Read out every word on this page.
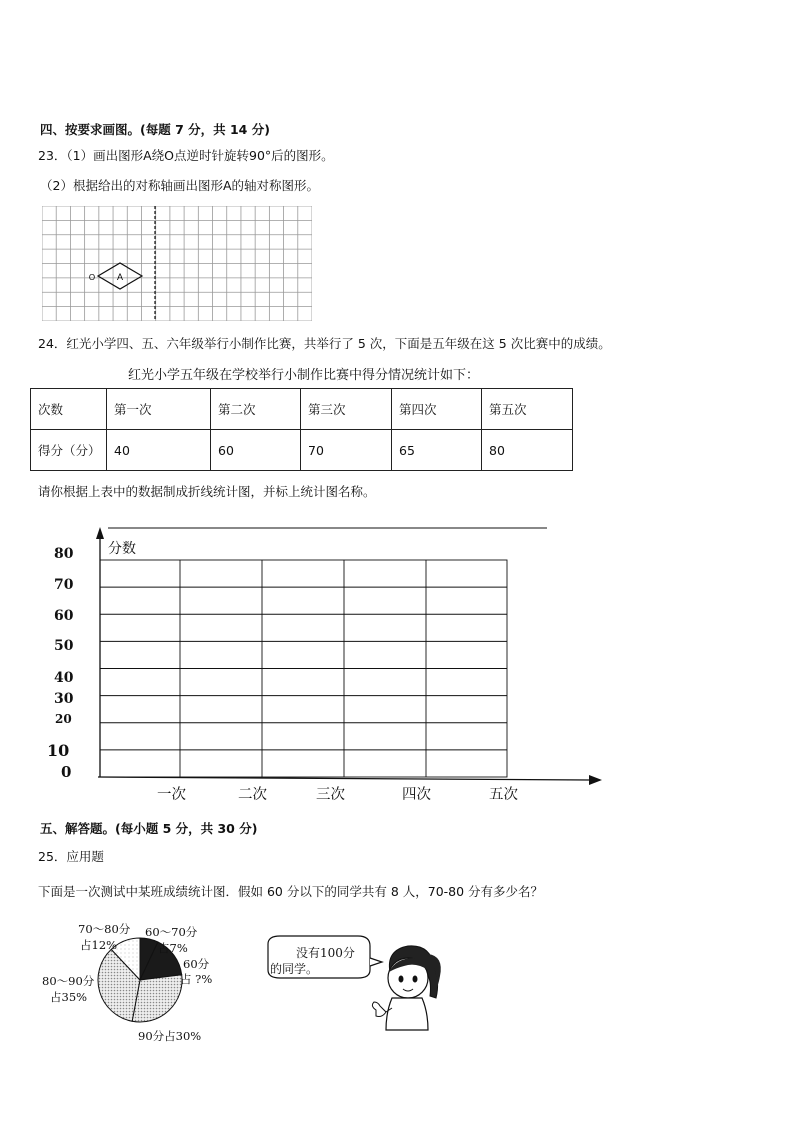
四、按要求画图。(每题 7 分，共 14 分)
23．（1）画出图形A绕O点逆时针旋转90°后的图形。
（2）根据给出的对称轴画出图形A的轴对称图形。
A
O
24．红光小学四、五、六年级举行小制作比赛，共举行了 5 次，下面是五年级在这 5 次比赛中的成绩。
红光小学五年级在学校举行小制作比赛中得分情况统计如下：
次数	第一次	第二次	第三次	第四次	第五次
得分（分）	40	60	70	65	80
请你根据上表中的数据制成折线统计图，并标上统计图名称。
分数
80
70
60
50
40
30
20
10
0
一次	二次	三次	四次	五次
五、解答题。(每小题 5 分，共 30 分)
25．应用题
下面是一次测试中某班成绩统计图．假如 60 分以下的同学共有 8 人，70-80 分有多少名？
70～80分
占12%
60～70分
占7%
60分
占 ?%
80～90分
占35%
90分占30%
没有100分
的同学。
